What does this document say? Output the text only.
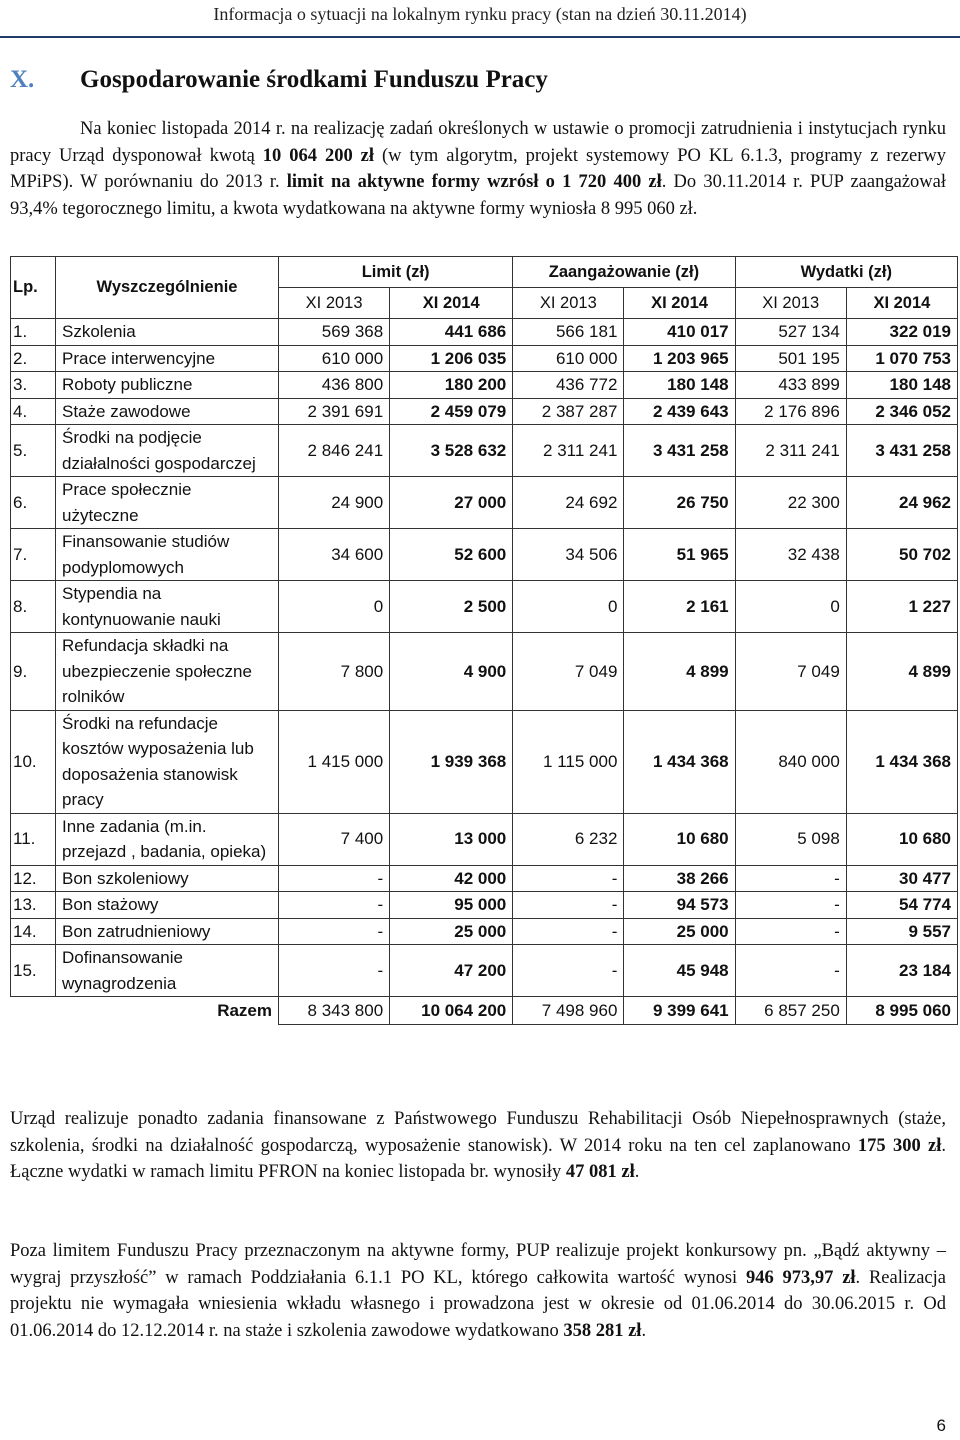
Informacja o sytuacji na lokalnym rynku pracy (stan na dzień 30.11.2014)
X. Gospodarowanie środkami Funduszu Pracy
Na koniec listopada 2014 r. na realizację zadań określonych w ustawie o promocji zatrudnienia i instytucjach rynku pracy Urząd dysponował kwotą 10 064 200 zł (w tym algorytm, projekt systemowy PO KL 6.1.3, programy z rezerwy MPiPS). W porównaniu do 2013 r. limit na aktywne formy wzrósł o 1 720 400 zł. Do 30.11.2014 r. PUP zaangażował 93,4% tegorocznego limitu, a kwota wydatkowana na aktywne formy wyniosła 8 995 060 zł.
Lp.	Wyszczególnienie	Limit (zł)		Zaangażowanie (zł)		Wydatki (zł)	
		XI 2013	XI 2014	XI 2013	XI 2014	XI 2013	XI 2014
1.	Szkolenia	569 368	441 686	566 181	410 017	527 134	322 019
2.	Prace interwencyjne	610 000	1 206 035	610 000	1 203 965	501 195	1 070 753
3.	Roboty publiczne	436 800	180 200	436 772	180 148	433 899	180 148
4.	Staże zawodowe	2 391 691	2 459 079	2 387 287	2 439 643	2 176 896	2 346 052
5.	Środki na podjęcie działalności gospodarczej	2 846 241	3 528 632	2 311 241	3 431 258	2 311 241	3 431 258
6.	Prace społecznie użyteczne	24 900	27 000	24 692	26 750	22 300	24 962
7.	Finansowanie studiów podyplomowych	34 600	52 600	34 506	51 965	32 438	50 702
8.	Stypendia na kontynuowanie nauki	0	2 500	0	2 161	0	1 227
9.	Refundacja składki na ubezpieczenie społeczne rolników	7 800	4 900	7 049	4 899	7 049	4 899
10.	Środki na refundacje kosztów wyposażenia lub doposażenia stanowisk pracy	1 415 000	1 939 368	1 115 000	1 434 368	840 000	1 434 368
11.	Inne zadania (m.in. przejazd , badania, opieka)	7 400	13 000	6 232	10 680	5 098	10 680
12.	Bon szkoleniowy	-	42 000	-	38 266	-	30 477
13.	Bon stażowy	-	95 000	-	94 573	-	54 774
14.	Bon zatrudnieniowy	-	25 000	-	25 000	-	9 557
15.	Dofinansowanie wynagrodzenia	-	47 200	-	45 948	-	23 184
Razem		8 343 800	10 064 200	7 498 960	9 399 641	6 857 250	8 995 060
Urząd realizuje ponadto zadania finansowane z Państwowego Funduszu Rehabilitacji Osób Niepełnosprawnych (staże, szkolenia, środki na działalność gospodarczą, wyposażenie stanowisk). W 2014 roku na ten cel zaplanowano 175 300 zł. Łączne wydatki w ramach limitu PFRON na koniec listopada br. wynosiły 47 081 zł.
Poza limitem Funduszu Pracy przeznaczonym na aktywne formy, PUP realizuje projekt konkursowy pn. „Bądź aktywny – wygraj przyszłość” w ramach Poddziałania 6.1.1 PO KL, którego całkowita wartość wynosi 946 973,97 zł. Realizacja projektu nie wymagała wniesienia wkładu własnego i prowadzona jest w okresie od 01.06.2014 do 30.06.2015 r. Od 01.06.2014 do 12.12.2014 r. na staże i szkolenia zawodowe wydatkowano 358 281 zł.
6
